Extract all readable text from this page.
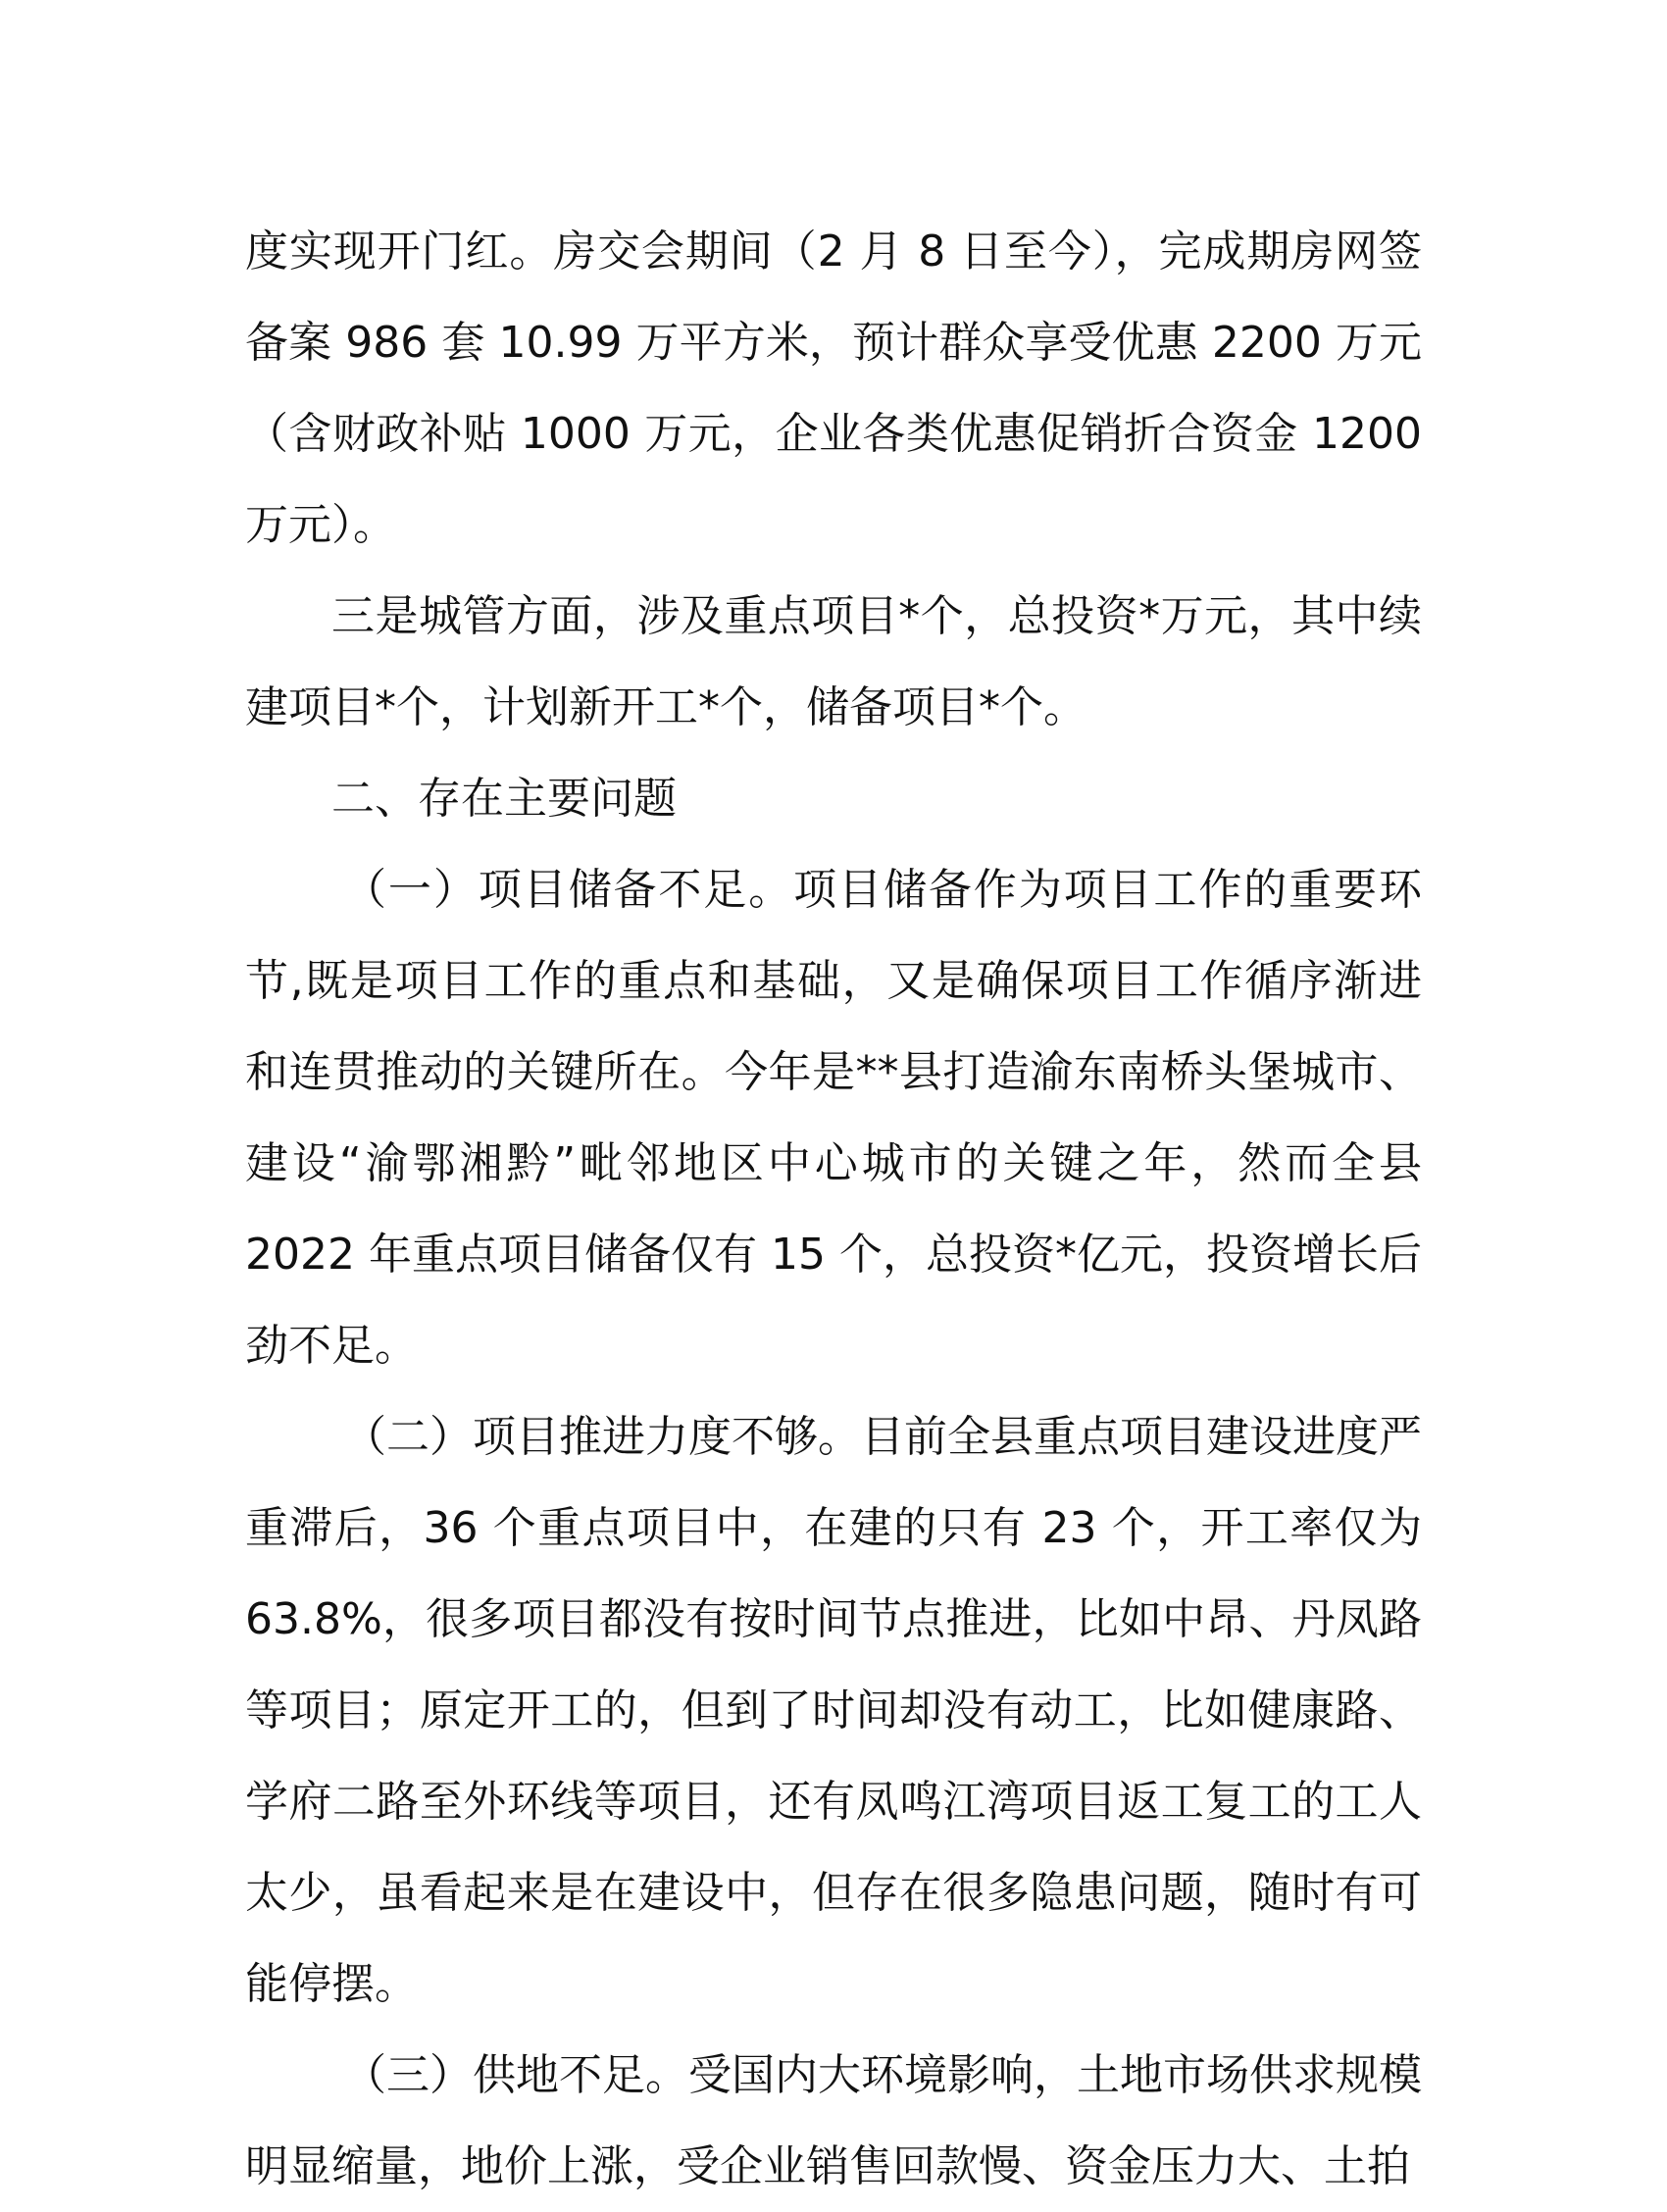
度实现开门红。房交会期间（2 月 8 日至今），完成期房网签备案 986 套 10.99 万平方米，预计群众享受优惠 2200 万元（含财政补贴 1000 万元，企业各类优惠促销折合资金 1200 万元）。

三是城管方面，涉及重点项目*个，总投资*万元，其中续建项目*个，计划新开工*个，储备项目*个。

二、存在主要问题

（一）项目储备不足。项目储备作为项目工作的重要环节,既是项目工作的重点和基础，又是确保项目工作循序渐进和连贯推动的关键所在。今年是**县打造渝东南桥头堡城市、建设“渝鄂湘黔”毗邻地区中心城市的关键之年，然而全县 2022 年重点项目储备仅有 15 个，总投资*亿元，投资增长后劲不足。

（二）项目推进力度不够。目前全县重点项目建设进度严重滞后，36 个重点项目中，在建的只有 23 个，开工率仅为 63.8%，很多项目都没有按时间节点推进，比如中昂、丹凤路等项目；原定开工的，但到了时间却没有动工，比如健康路、学府二路至外环线等项目，还有凤鸣江湾项目返工复工的工人太少，虽看起来是在建设中，但存在很多隐患问题，随时有可能停摆。

（三）供地不足。受国内大环境影响，土地市场供求规模明显缩量，地价上涨，受企业销售回款慢、资金压力大、土拍
